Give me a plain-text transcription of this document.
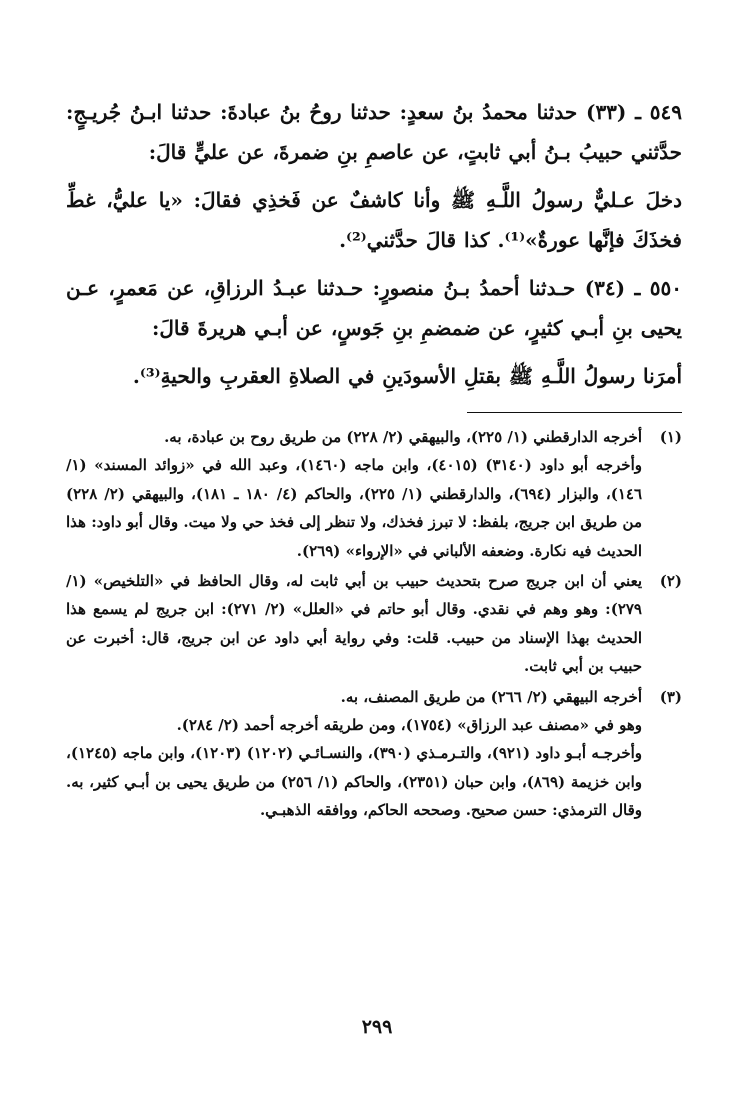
٥٤٩ ـ (٣٣) حدثنا محمدُ بنُ سعدٍ: حدثنا روحُ بنُ عبادةَ: حدثنا ابـنُ جُريـجٍ: حدَّثني حبيبُ بـنُ أبي ثابتٍ، عن عاصمِ بنِ ضمرةَ، عن عليٍّ قالَ:

دخلَ عـليٌّ رسولُ اللَّـهِ ﷺ وأنا كاشفٌ عن فَخذِي فقالَ: «يا عليُّ، غطِّ فخذَكَ فإنَّها عورةٌ»⁽¹⁾. كذا قالَ حدَّثني⁽²⁾.

٥٥٠ ـ (٣٤) حـدثنا أحمدُ بـنُ منصورٍ: حـدثنا عبـدُ الرزاقِ، عن مَعمرٍ، عـن يحيى بنِ أبـي كثيرٍ، عن ضمضمِ بنِ جَوسٍ، عن أبـي هريرةَ قالَ:

أمرَنا رسولُ اللَّـهِ ﷺ بقتلِ الأسودَينِ في الصلاةِ العقربِ والحيةِ⁽³⁾.

(١)
أخرجه الدارقطني (١/ ٢٢٥)، والبيهقي (٢/ ٢٢٨) من طريق روح بن عبادة، به.
وأخرجه أبو داود (٣١٤٠) (٤٠١٥)، وابن ماجه (١٤٦٠)، وعبد الله في «زوائد المسند» (١/ ١٤٦)، والبزار (٦٩٤)، والدارقطني (١/ ٢٢٥)، والحاكم (٤/ ١٨٠ ـ ١٨١)، والبيهقي (٢/ ٢٢٨) من طريق ابن جريج، بلفظ: لا تبرز فخذك، ولا تنظر إلى فخذ حي ولا ميت. وقال أبو داود: هذا الحديث فيه نكارة. وضعفه الألباني في «الإرواء» (٢٦٩).
(٢)
يعني أن ابن جريج صرح بتحديث حبيب بن أبي ثابت له، وقال الحافظ في «التلخيص» (١/ ٢٧٩): وهو وهم في نقدي. وقال أبو حاتم في «العلل» (٢/ ٢٧١): ابن جريج لم يسمع هذا الحديث بهذا الإسناد من حبيب. قلت: وفي رواية أبي داود عن ابن جريج، قال: أخبرت عن حبيب بن أبي ثابت.
(٣)
أخرجه البيهقي (٢/ ٢٦٦) من طريق المصنف، به.
وهو في «مصنف عبد الرزاق» (١٧٥٤)، ومن طريقه أخرجه أحمد (٢/ ٢٨٤).
وأخرجـه أبـو داود (٩٢١)، والتـرمـذي (٣٩٠)، والنسـائـي (١٢٠٢) (١٢٠٣)، وابن ماجه (١٢٤٥)، وابن خزيمة (٨٦٩)، وابن حبان (٢٣٥١)، والحاكم (١/ ٢٥٦) من طريق يحيى بن أبـي كثير، به. وقال الترمذي: حسن صحيح. وصححه الحاكم، ووافقه الذهبـي.
٢٩٩
